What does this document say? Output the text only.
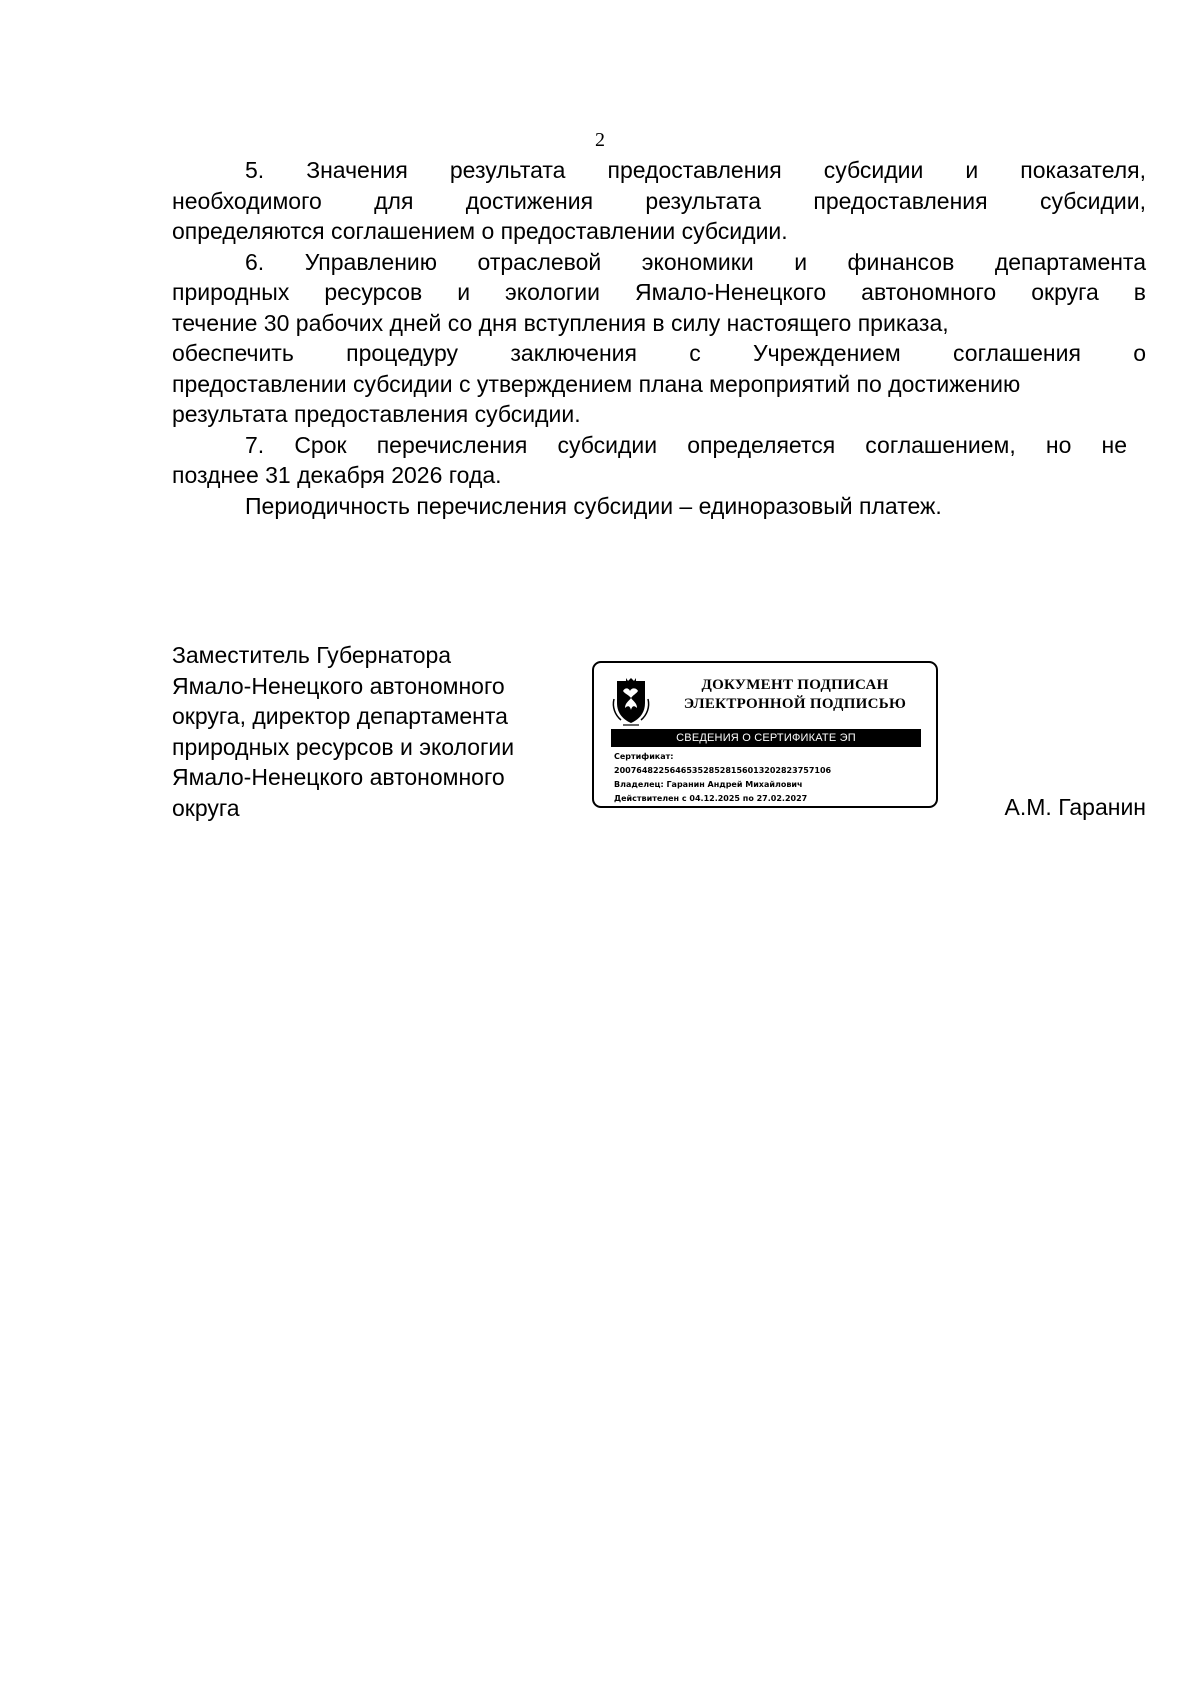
2

5. Значения результата предоставления субсидии и показателя,

необходимого для достижения результата предоставления субсидии,

определяются соглашением о предоставлении субсидии.

6. Управлению отраслевой экономики и финансов департамента

природных ресурсов и экологии Ямало-Ненецкого автономного округа в

течение 30 рабочих дней со дня вступления в силу настоящего приказа,

обеспечить процедуру заключения с Учреждением соглашения о

предоставлении субсидии с утверждением плана мероприятий по достижению

результата предоставления субсидии.

7. Срок перечисления субсидии определяется соглашением, но не

позднее 31 декабря 2026 года.

Периодичность перечисления субсидии – единоразовый платеж.

Заместитель Губернатора
Ямало-Ненецкого автономного
округа, директор департамента
природных ресурсов и экологии
Ямало-Ненецкого автономного
округа
ДОКУМЕНТ ПОДПИСАН
ЭЛЕКТРОННОЙ ПОДПИСЬЮ
СВЕДЕНИЯ О СЕРТИФИКАТЕ ЭП
Сертификат:
200764822564653528528156013202823757106
Владелец: Гаранин Андрей Михайлович
Действителен с 04.12.2025 по 27.02.2027	А.М. Гаранин
